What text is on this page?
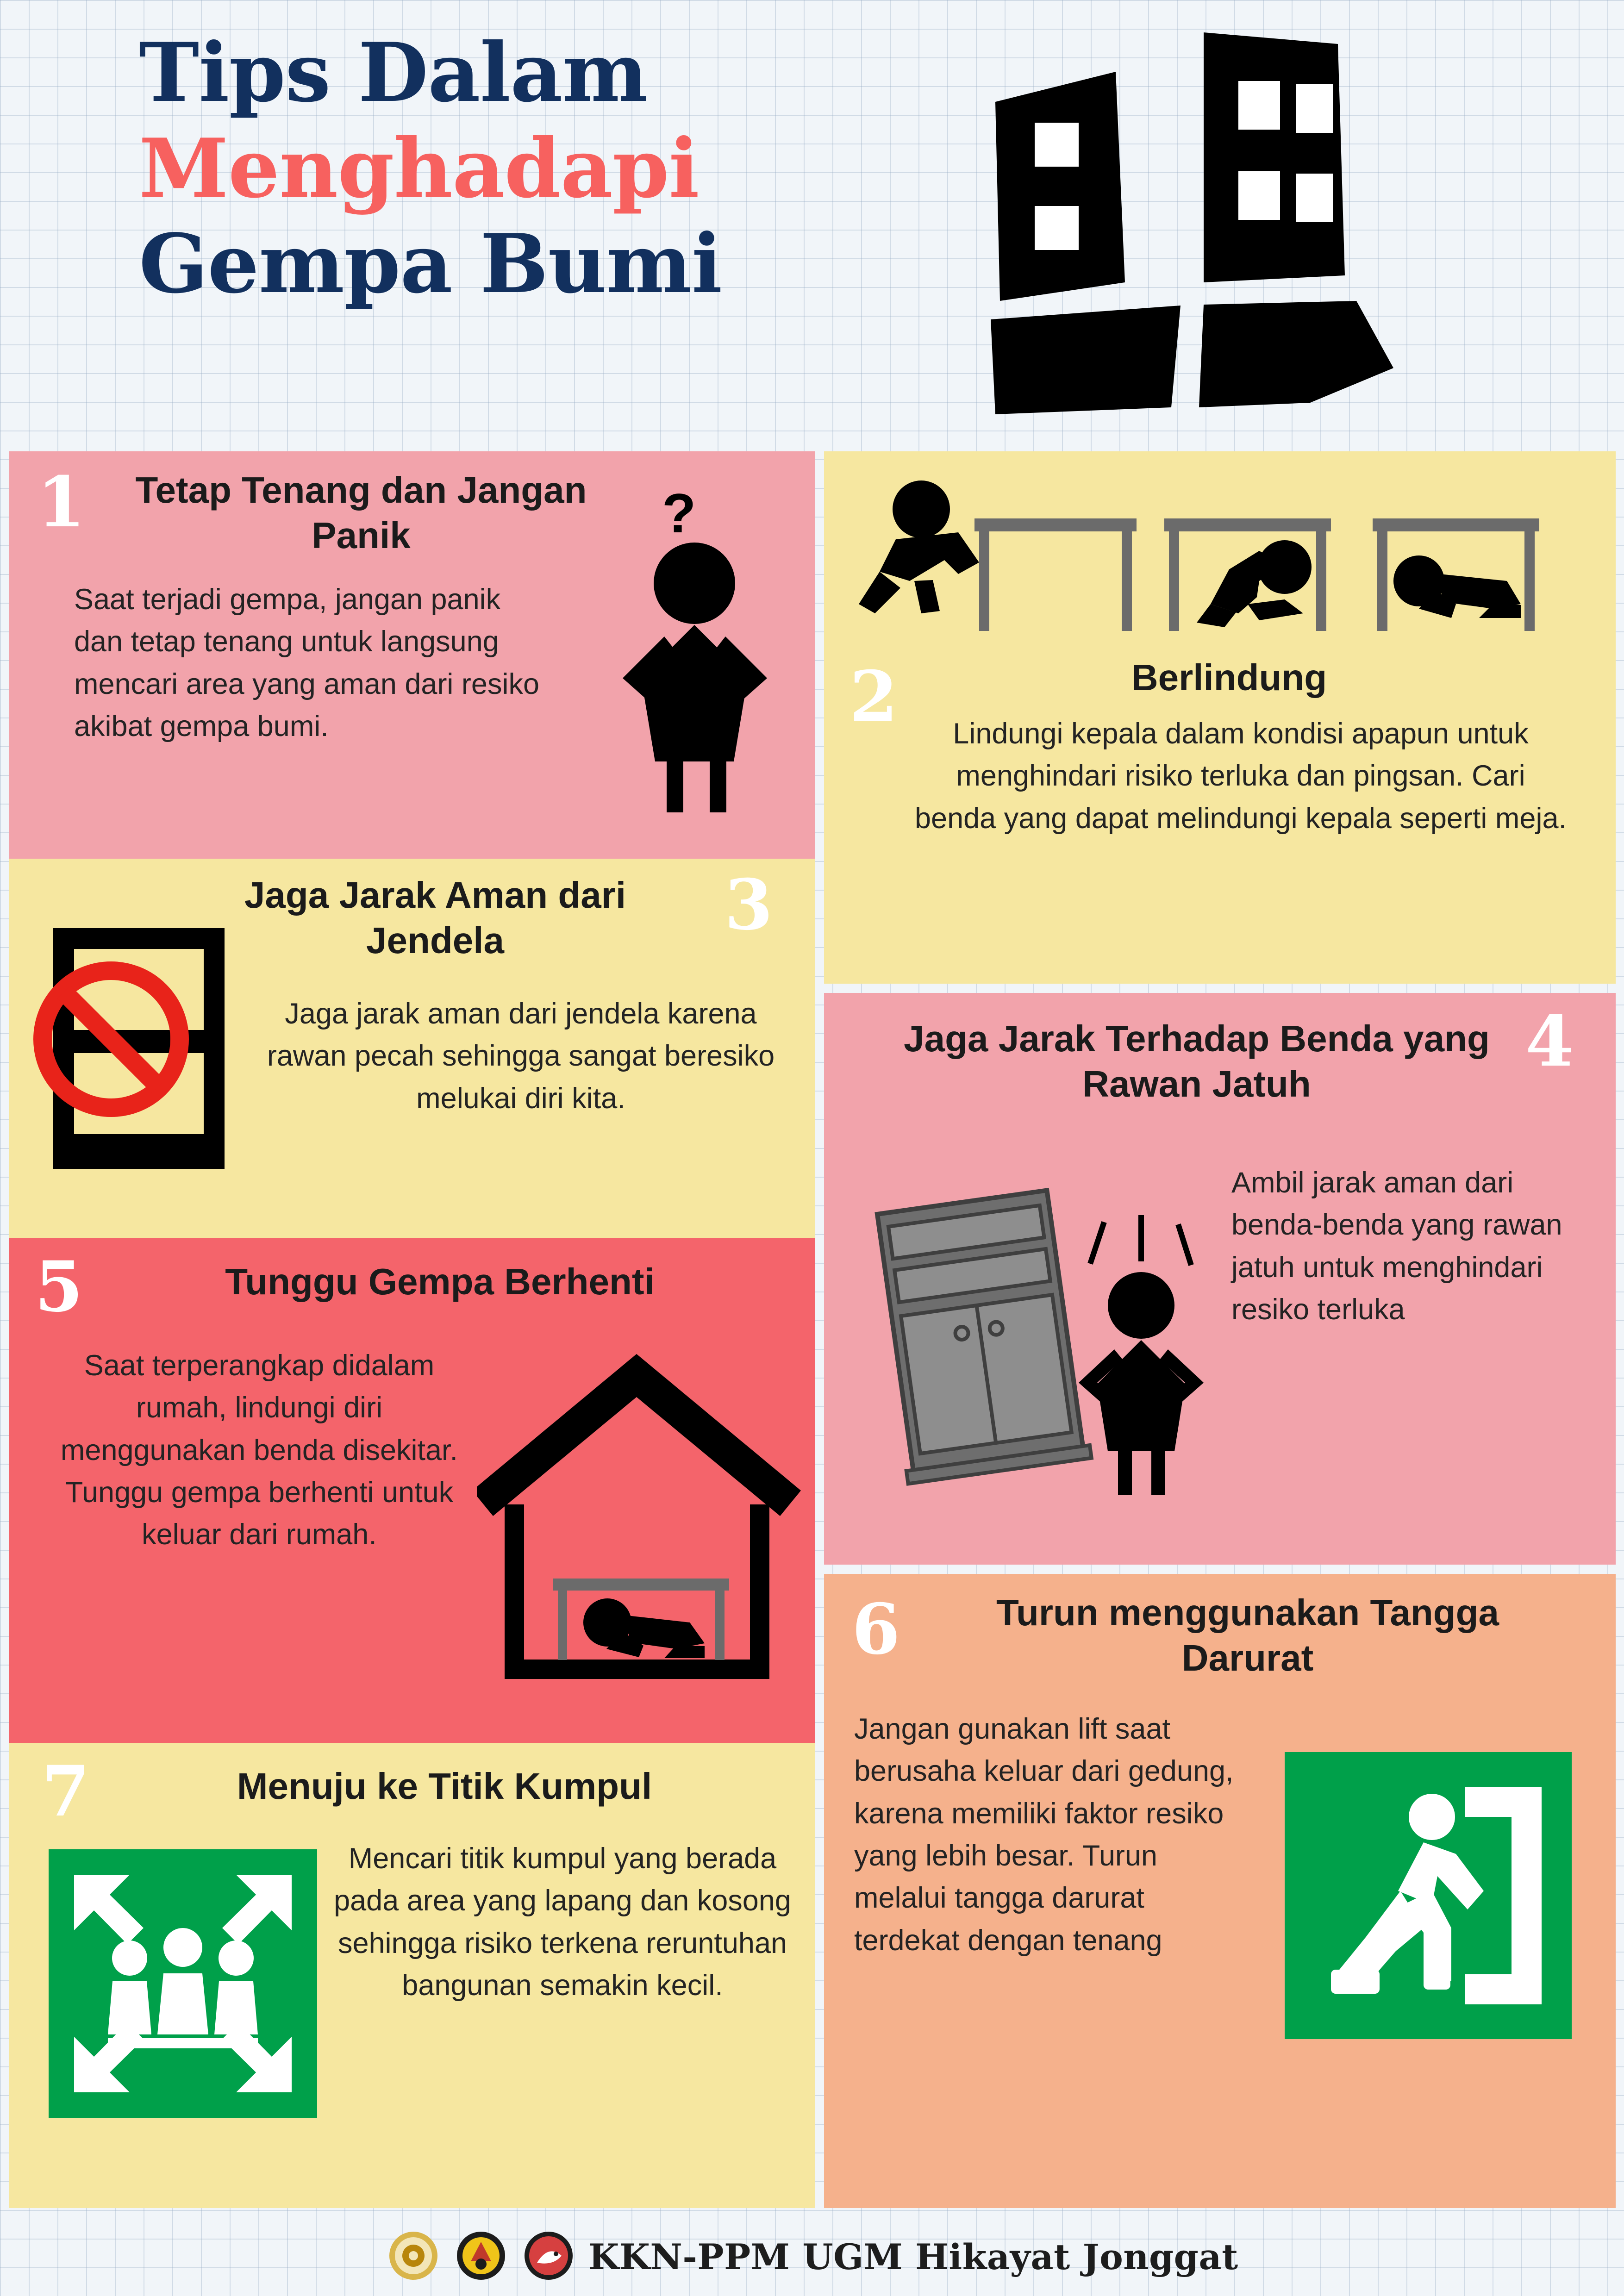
Tips Dalam
Menghadapi
Gempa Bumi
1	Tetap Tenang dan Jangan Panik
Saat terjadi gempa, jangan panik dan tetap tenang untuk langsung mencari area yang aman dari resiko akibat gempa bumi.
?
2	Berlindung
Lindungi kepala dalam kondisi apapun untuk menghindari risiko terluka dan pingsan. Cari benda yang dapat melindungi kepala seperti meja.
3
Jaga Jarak Aman dari Jendela
Jaga jarak aman dari jendela karena rawan pecah sehingga sangat beresiko melukai diri kita.
4
Jaga Jarak Terhadap Benda yang Rawan Jatuh
Ambil jarak aman dari benda-benda yang rawan jatuh untuk menghindari resiko terluka
5	Tunggu Gempa Berhenti
Saat terperangkap didalam rumah, lindungi diri menggunakan benda disekitar. Tunggu gempa berhenti untuk keluar dari rumah.
6	Turun menggunakan Tangga Darurat
Jangan gunakan lift saat berusaha keluar dari gedung, karena memiliki faktor resiko yang lebih besar. Turun melalui tangga darurat terdekat dengan tenang
7	Menuju ke Titik Kumpul
Mencari titik kumpul yang berada pada area yang lapang dan kosong sehingga risiko terkena reruntuhan bangunan semakin kecil.
KKN-PPM UGM Hikayat Jonggat
